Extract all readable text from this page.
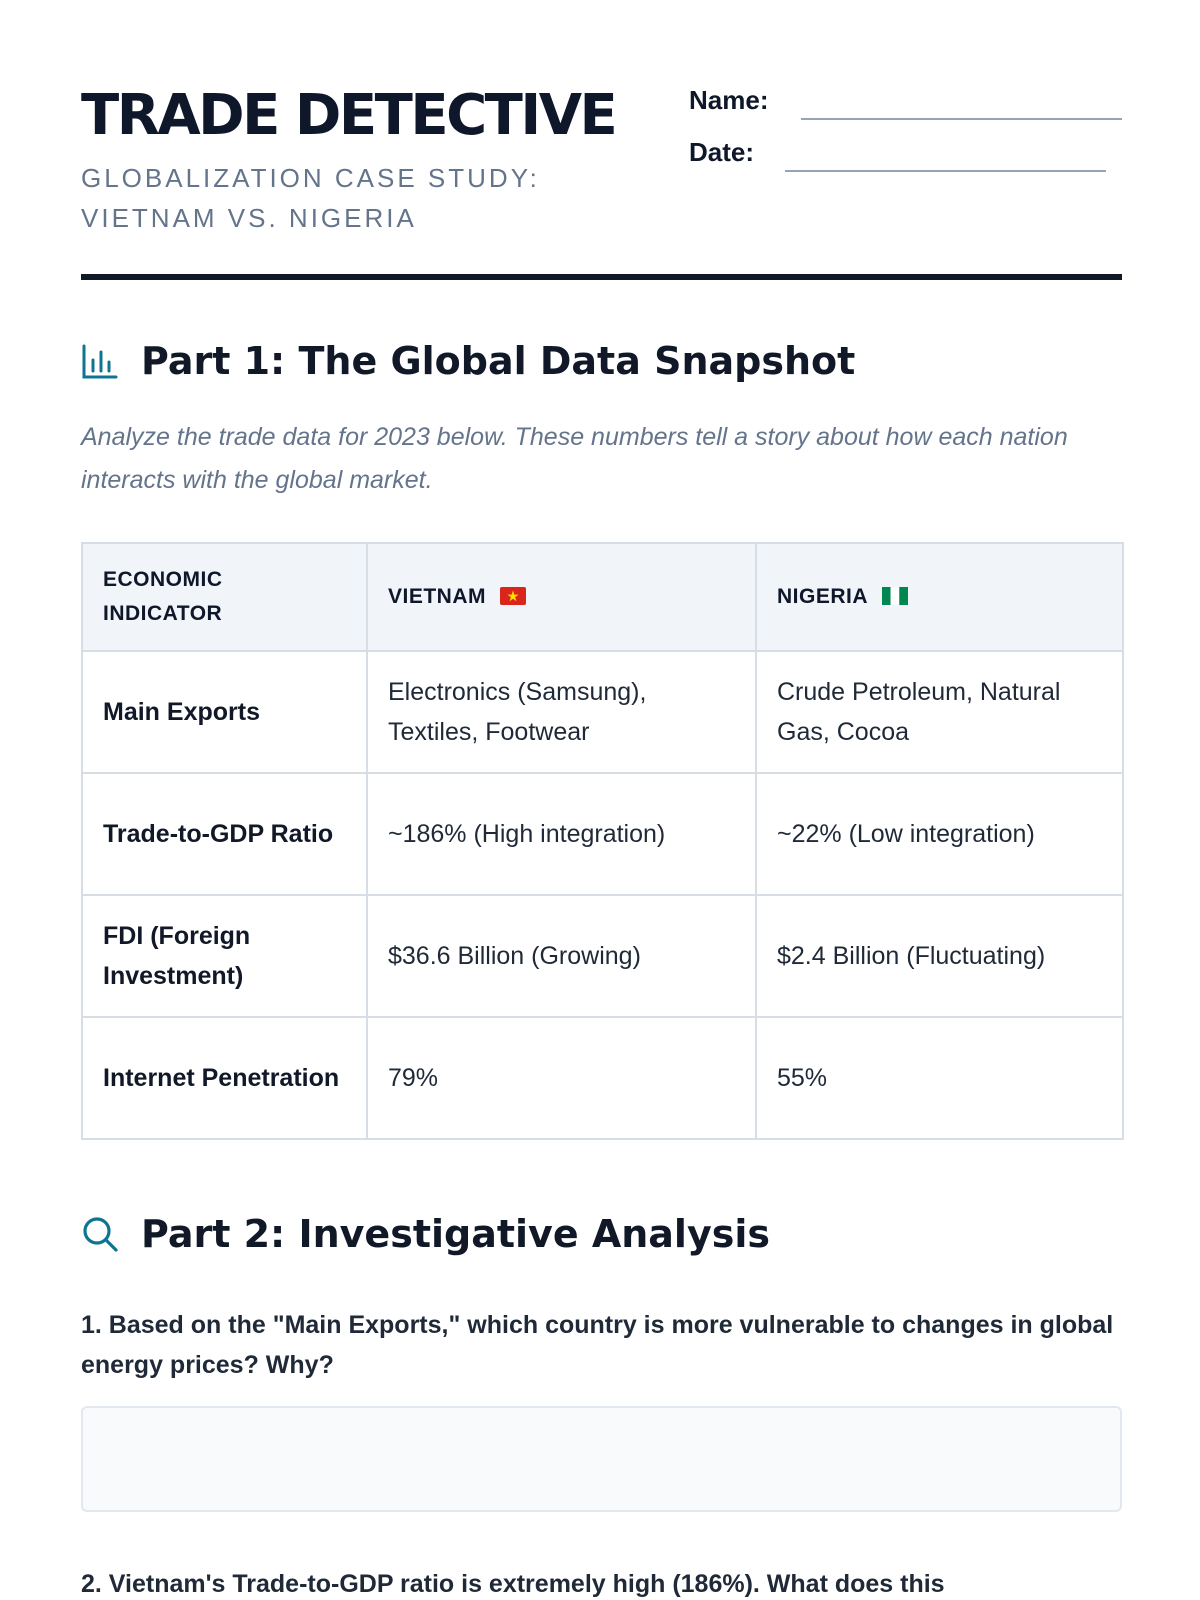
TRADE DETECTIVE
GLOBALIZATION CASE STUDY: VIETNAM VS. NIGERIA
Name:
Date:
Part 1: The Global Data Snapshot
Analyze the trade data for 2023 below. These numbers tell a story about how each nation interacts with the global market.
ECONOMIC INDICATOR	VIETNAM	NIGERIA
Main Exports	Electronics (Samsung), Textiles, Footwear	Crude Petroleum, Natural Gas, Cocoa
Trade-to-GDP Ratio	~186% (High integration)	~22% (Low integration)
FDI (Foreign Investment)	$36.6 Billion (Growing)	$2.4 Billion (Fluctuating)
Internet Penetration	79%	55%
Part 2: Investigative Analysis
1. Based on the "Main Exports," which country is more vulnerable to changes in global energy prices? Why?
2. Vietnam's Trade-to-GDP ratio is extremely high (186%). What does this
